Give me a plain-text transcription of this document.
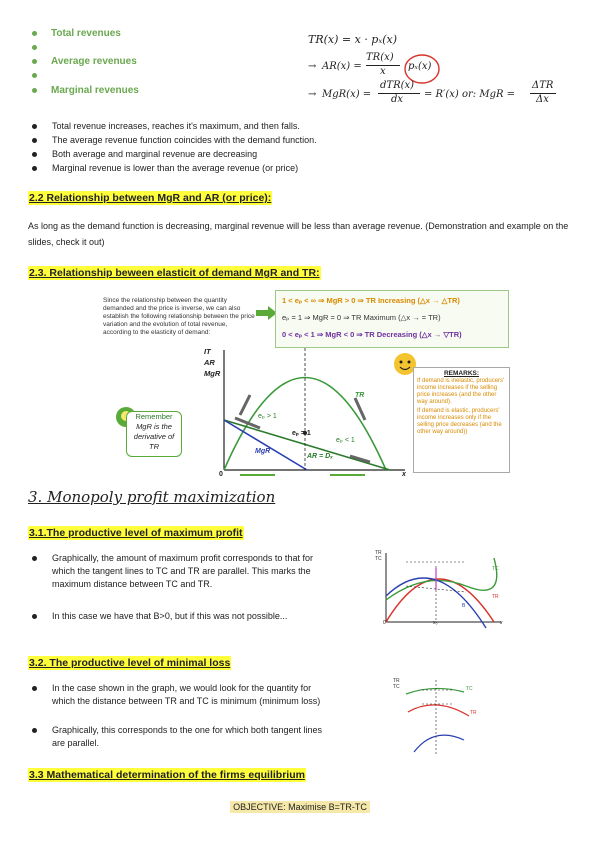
Total revenues
Average revenues
Marginal revenues
TR(x) = x · pₓ(x)
→ AR(x) =
TR(x)
x pₓ(x)
→ MgR(x) =
dTR(x)
dx = R′(x) or: MgR =
ΔTR
Δx
Total revenue increases, reaches it's maximum, and then falls.
The average revenue function coincides with the demand function.
Both average and marginal revenue are decreasing
Marginal revenue is lower than the average revenue (or price)
2.2 Relationship between MgR and AR (or price):
As long as the demand function is decreasing, marginal revenue will be less than average revenue. (Demonstration and example on the slides, check it out)
2.3. Relationship beween elasticit of demand MgR and TR:
Since the relationship between the quantity demanded and the price is inverse, we can also establish the following relationship between the price variation and the evolution of total revenue, according to the elasticity of demand:
1 < eₚ < ∞ ⇒ MgR > 0 ⇒ TR Increasing (△x → △TR)
eₚ = 1 ⇒ MgR = 0 ⇒ TR Maximum (△x → = TR)
0 < eₚ < 1 ⇒ MgR < 0 ⇒ TR Decreasing (△x → ▽TR)
IT
AR
MgR
TR
MgR
AR = Dₓ
eₚ > 1
eₚ = 1
eₚ < 1
0	x
Remember
MgR is the derivative of TR
REMARKS:
If demand is inelastic, producers' income increases if the selling price increases (and the other way around).
If demand is elastic, producers' income increases only if the selling price decreases (and the other way around))
3. Monopoly profit maximization
3.1.The productive level of maximum profit
Graphically, the amount of maximum profit corresponds to that for which the tangent lines to TC and TR are parallel. This marks the maximum distance between TC and TR.
In this case we have that B>0, but if this was not possible...
TR TC
TC
TR
B
0	x₀	x
3.2. The productive level of minimal loss
In the case shown in the graph, we would look for the quantity for which the distance between TR and TC is minimum (minimum loss)
Graphically, this corresponds to the one for which both tangent lines are parallel.
TR TC	TC
TR
3.3 Mathematical determination of the firms equilibrium
OBJECTIVE: Maximise B=TR-TC
